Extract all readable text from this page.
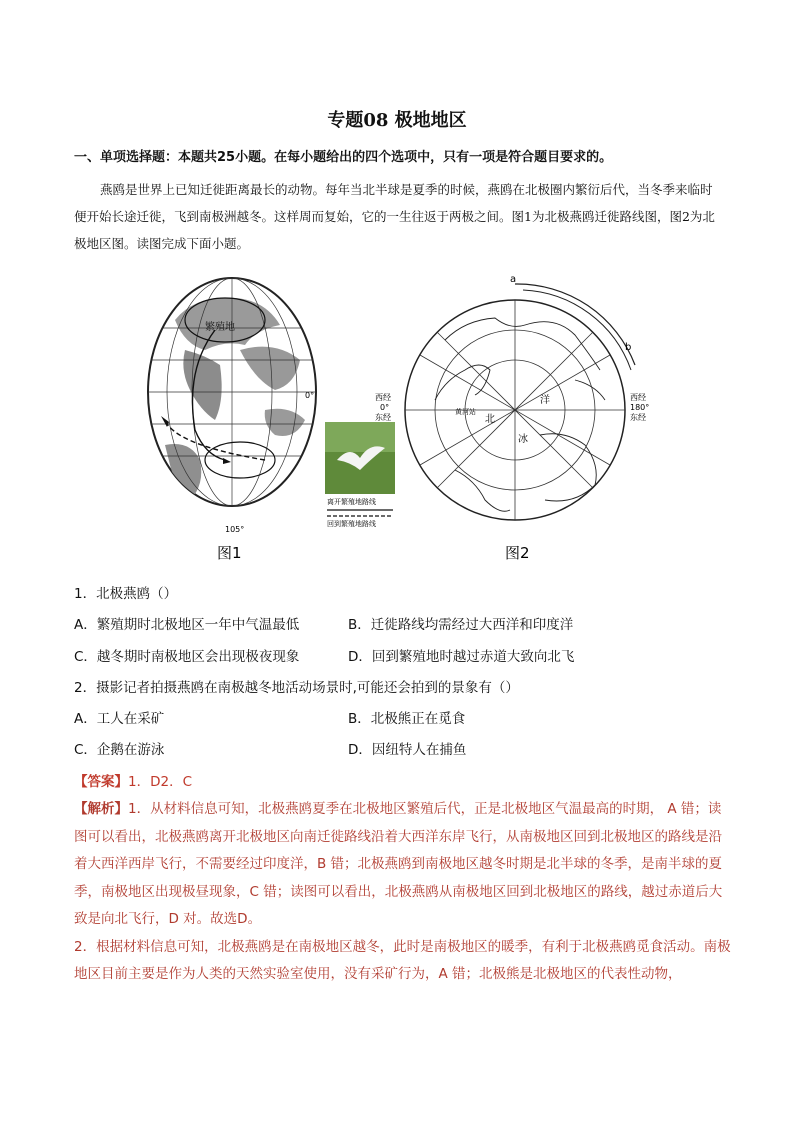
专题08 极地地区
一、单项选择题：本题共25小题。在每小题给出的四个选项中，只有一项是符合题目要求的。
燕鸥是世界上已知迁徙距离最长的动物。每年当北半球是夏季的时候，燕鸥在北极圈内繁衍后代，当冬季来临时便开始长途迁徙，飞到南极洲越冬。这样周而复始，它的一生往返于两极之间。图1为北极燕鸥迁徙路线图，图2为北极地区图。读图完成下面小题。
繁殖地
0°
105°
图1
离开繁殖地路线
回到繁殖地路线
a
b
西经
0°
东经
西经
180°
东经
黄河站
北
洋
冰
图2
1．北极燕鸥（）
A．繁殖期时北极地区一年中气温最低	B．迁徙路线均需经过大西洋和印度洋
C．越冬期时南极地区会出现极夜现象	D．回到繁殖地时越过赤道大致向北飞
2．摄影记者拍摄燕鸥在南极越冬地活动场景时,可能还会拍到的景象有（）
A．工人在采矿	B．北极熊正在觅食
C．企鹅在游泳	D．因纽特人在捕鱼
【答案】1．D2．C

【解析】1．从材料信息可知，北极燕鸥夏季在北极地区繁殖后代，正是北极地区气温最高的时期， A 错；读图可以看出，北极燕鸥离开北极地区向南迁徙路线沿着大西洋东岸飞行，从南极地区回到北极地区的路线是沿着大西洋西岸飞行，不需要经过印度洋，B 错；北极燕鸥到南极地区越冬时期是北半球的冬季，是南半球的夏季，南极地区出现极昼现象，C 错；读图可以看出，北极燕鸥从南极地区回到北极地区的路线，越过赤道后大致是向北飞行，D 对。故选D。

2．根据材料信息可知，北极燕鸥是在南极地区越冬，此时是南极地区的暖季，有利于北极燕鸥觅食活动。南极地区目前主要是作为人类的天然实验室使用，没有采矿行为，A 错；北极熊是北极地区的代表性动物，
